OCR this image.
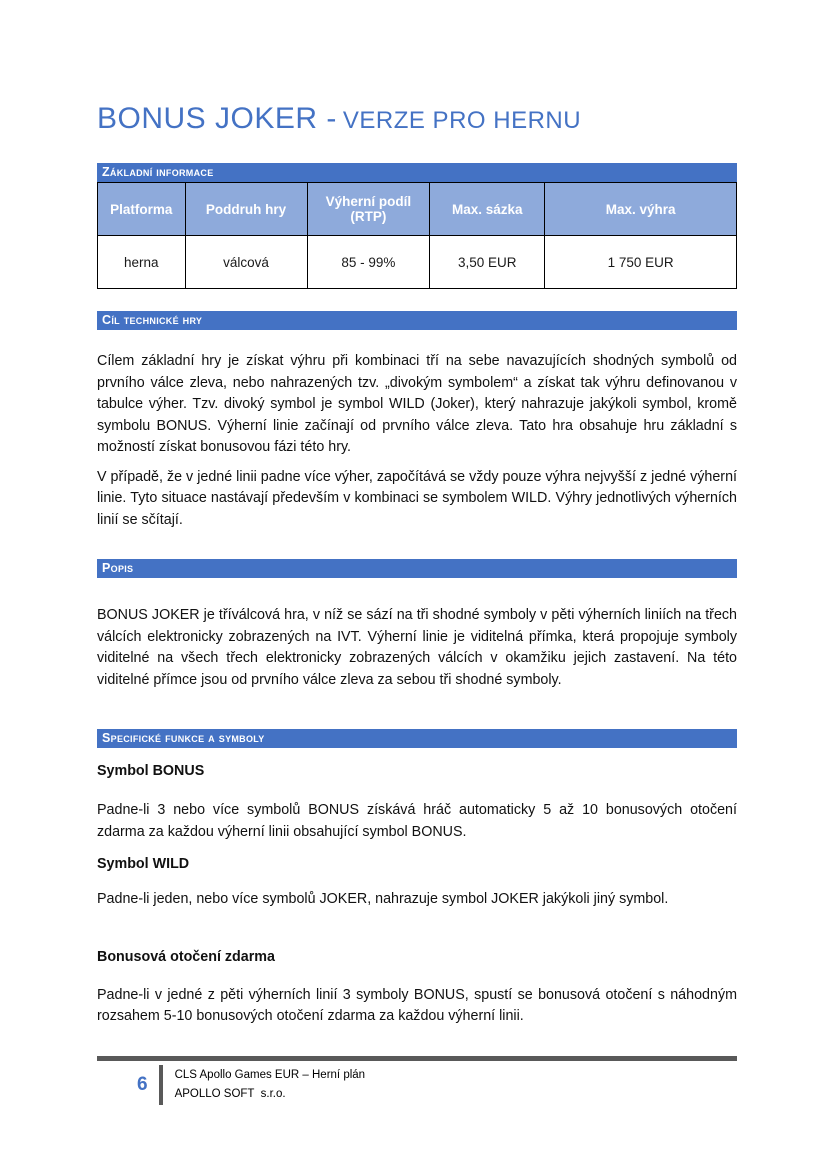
BONUS JOKER - VERZE PRO HERNU
Základní informace
Platforma	Poddruh hry	Výherní podíl (RTP)	Max. sázka	Max. výhra
herna	válcová	85 - 99%	3,50 EUR	1 750 EUR
Cíl technické hry

Cílem základní hry je získat výhru při kombinaci tří na sebe navazujících shodných symbolů od prvního válce zleva, nebo nahrazených tzv. „divokým symbolem“ a získat tak výhru definovanou v tabulce výher. Tzv. divoký symbol je symbol WILD (Joker), který nahrazuje jakýkoli symbol, kromě symbolu BONUS. Výherní linie začínají od prvního válce zleva. Tato hra obsahuje hru základní s možností získat bonusovou fázi této hry.

V případě, že v jedné linii padne více výher, započítává se vždy pouze výhra nejvyšší z jedné výherní linie. Tyto situace nastávají především v kombinaci se symbolem WILD. Výhry jednotlivých výherních linií se sčítají.

Popis

BONUS JOKER je tříválcová hra, v níž se sází na tři shodné symboly v pěti výherních liniích na třech válcích elektronicky zobrazených na IVT. Výherní linie je viditelná přímka, která propojuje symboly viditelné na všech třech elektronicky zobrazených válcích v okamžiku jejich zastavení. Na této viditelné přímce jsou od prvního válce zleva za sebou tři shodné symboly.

Specifické funkce a symboly
Symbol BONUS

Padne-li 3 nebo více symbolů BONUS získává hráč automaticky 5 až 10 bonusových otočení zdarma za každou výherní linii obsahující symbol BONUS.

Symbol WILD

Padne-li jeden, nebo více symbolů JOKER, nahrazuje symbol JOKER jakýkoli jiný symbol.

Bonusová otočení zdarma

Padne-li v jedné z pěti výherních linií 3 symboly BONUS, spustí se bonusová otočení s náhodným rozsahem 5-10 bonusových otočení zdarma za každou výherní linii.

6 CLS Apollo Games EUR – Herní plán
APOLLO SOFT  s.r.o.
